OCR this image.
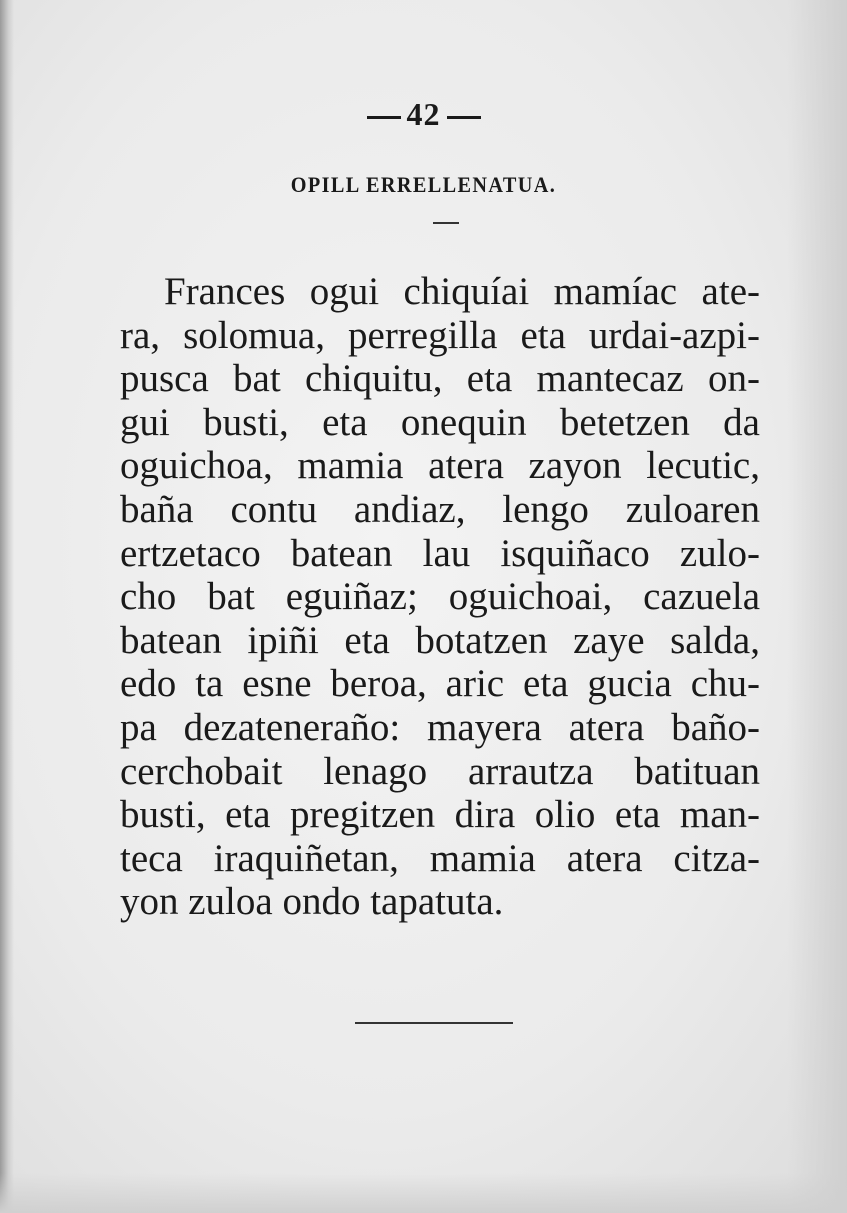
42
OPILL ERRELLENATUA.

Frances ogui chiquíai mamíac ate-
ra, solomua, perregilla eta urdai-azpi-
pusca bat chiquitu, eta mantecaz on-
gui busti, eta onequin betetzen da
oguichoa, mamia atera zayon lecutic,
baña contu andiaz, lengo zuloaren
ertzetaco batean lau isquiñaco zulo-
cho bat eguiñaz; oguichoai, cazuela
batean ipiñi eta botatzen zaye salda,
edo ta esne beroa, aric eta gucia chu-
pa dezateneraño: mayera atera baño-
cerchobait lenago arrautza batituan
busti, eta pregitzen dira olio eta man-
teca iraquiñetan, mamia atera citza-
yon zuloa ondo tapatuta.
